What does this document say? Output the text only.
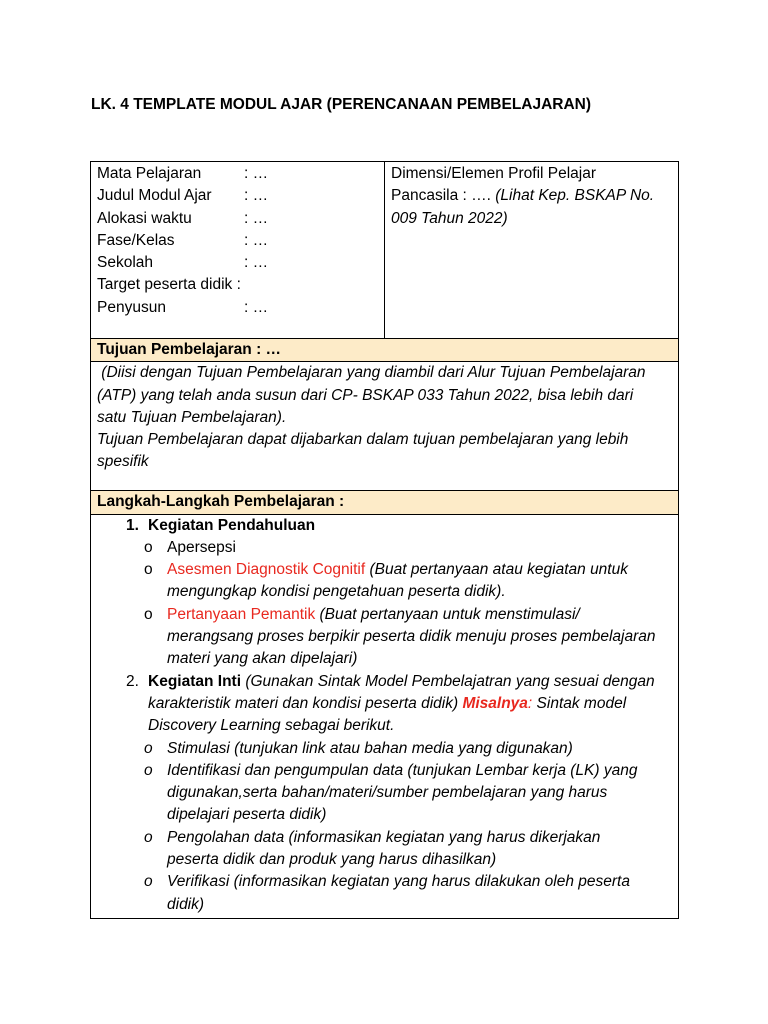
LK. 4 TEMPLATE MODUL AJAR (PERENCANAAN PEMBELAJARAN)
Mata Pelajaran	: …
Judul Modul Ajar	: …
Alokasi waktu	: …
Fase/Kelas	: …
Sekolah	: …
Target peserta didik :
Penyusun	: …

Dimensi/Elemen Profil Pelajar
Pancasila : …. (Lihat Kep. BSKAP No.
009 Tahun 2022)

Tujuan Pembelajaran : …

(Diisi dengan Tujuan Pembelajaran yang diambil dari Alur Tujuan Pembelajaran
(ATP) yang telah anda susun dari CP- BSKAP 033 Tahun 2022, bisa lebih dari
satu Tujuan Pembelajaran).
Tujuan Pembelajaran dapat dijabarkan dalam tujuan pembelajaran yang lebih
spesifik

Langkah-Langkah Pembelajaran :

1. Kegiatan Pendahuluan
o Apersepsi
o Asesmen Diagnostik Cognitif (Buat pertanyaan atau kegiatan untuk
mengungkap kondisi pengetahuan peserta didik).
o Pertanyaan Pemantik (Buat pertanyaan untuk menstimulasi/
merangsang proses berpikir peserta didik menuju proses pembelajaran
materi yang akan dipelajari)
2. Kegiatan Inti (Gunakan Sintak Model Pembelajatran yang sesuai dengan
karakteristik materi dan kondisi peserta didik) Misalnya: Sintak model
Discovery Learning sebagai berikut.
o Stimulasi (tunjukan link atau bahan media yang digunakan)
o Identifikasi dan pengumpulan data (tunjukan Lembar kerja (LK) yang
digunakan,serta bahan/materi/sumber pembelajaran yang harus
dipelajari peserta didik)
o Pengolahan data (informasikan kegiatan yang harus dikerjakan
peserta didik dan produk yang harus dihasilkan)
o Verifikasi (informasikan kegiatan yang harus dilakukan oleh peserta
didik)
